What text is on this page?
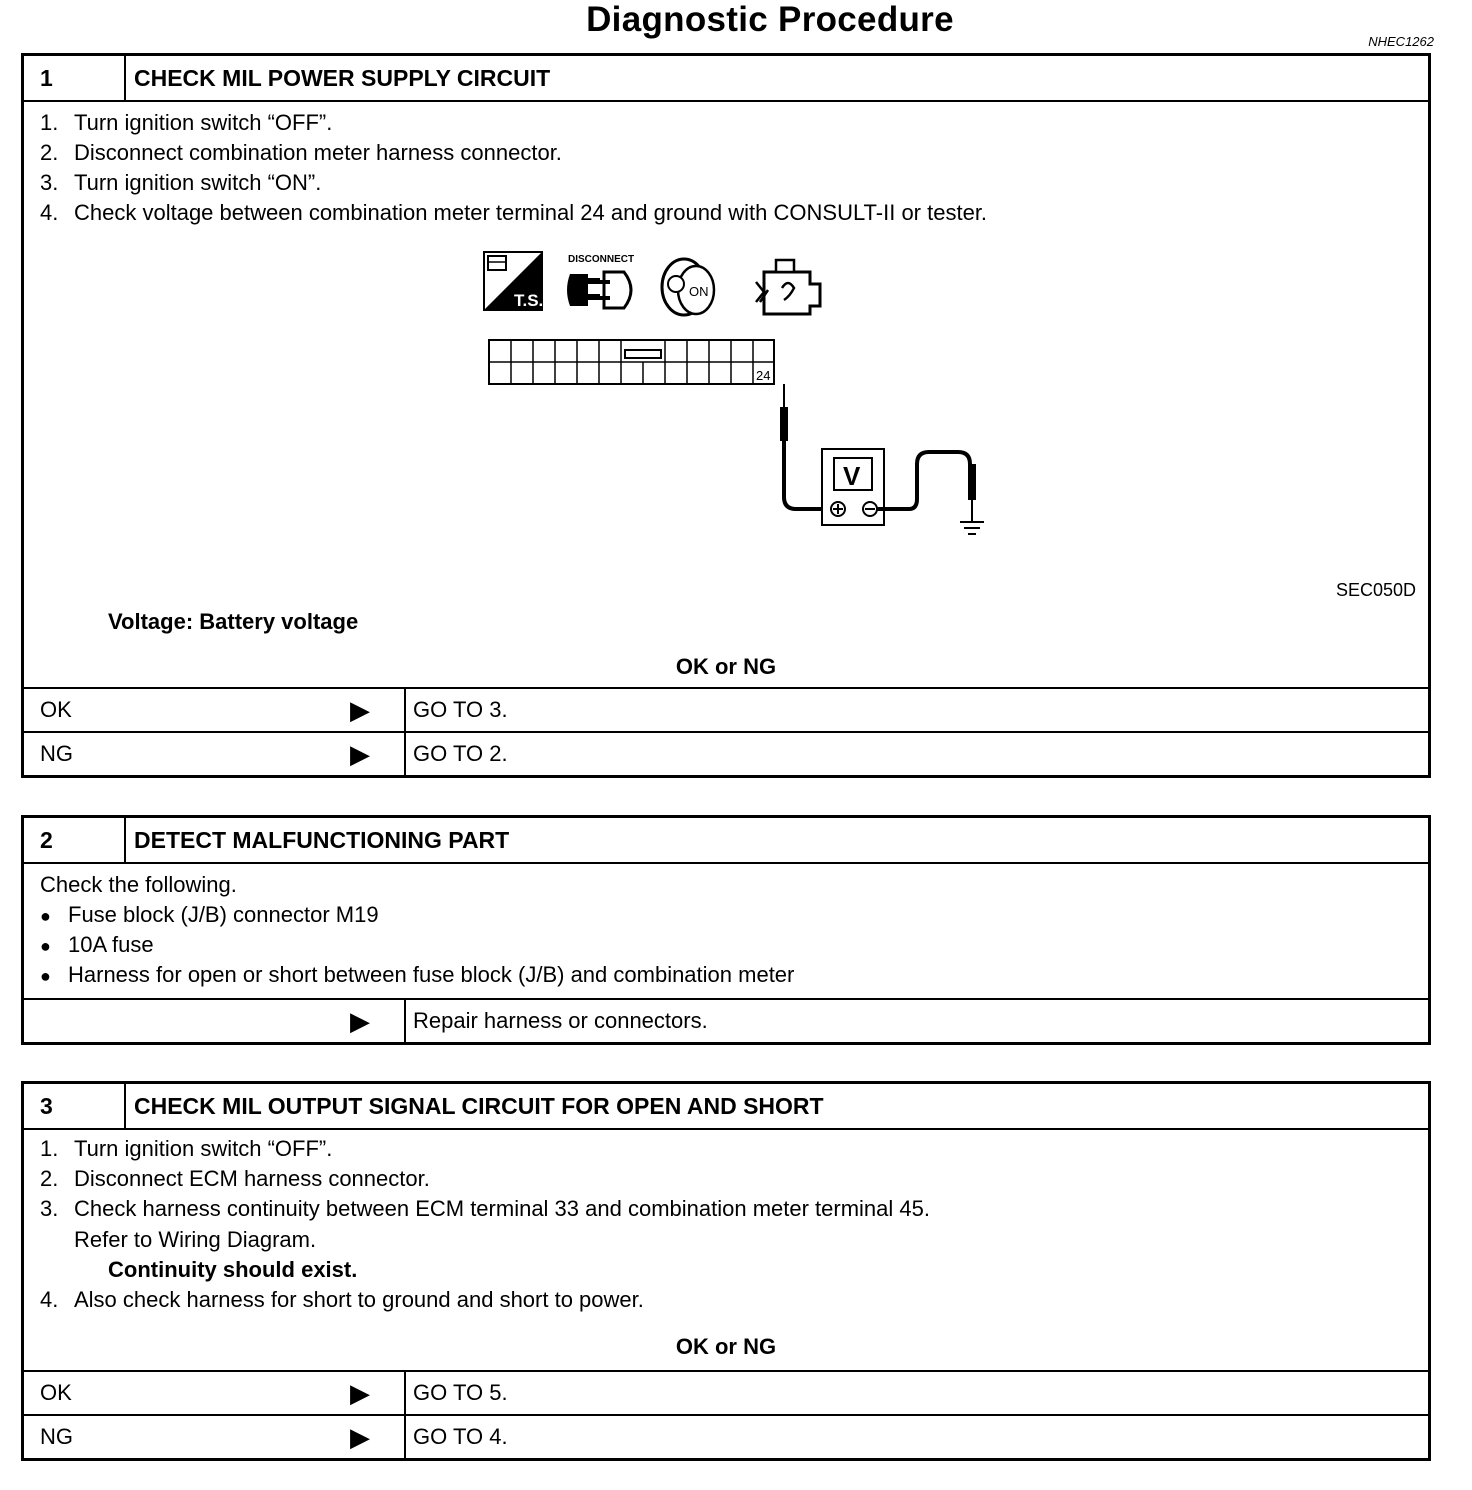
Diagnostic Procedure
NHEC1262
1	CHECK MIL POWER SUPPLY CIRCUIT
1. Turn ignition switch “OFF”.
2. Disconnect combination meter harness connector.
3. Turn ignition switch “ON”.
4. Check voltage between combination meter terminal 24 and ground with CONSULT-II or tester.
T.S.
DISCONNECT
ON
24
V
SEC050D
Voltage: Battery voltage
OK or NG
OK	▶	GO TO 3.
NG	▶	GO TO 2.
2	DETECT MALFUNCTIONING PART
Check the following.
● Fuse block (J/B) connector M19
● 10A fuse
● Harness for open or short between fuse block (J/B) and combination meter
▶	Repair harness or connectors.
3	CHECK MIL OUTPUT SIGNAL CIRCUIT FOR OPEN AND SHORT
1. Turn ignition switch “OFF”.
2. Disconnect ECM harness connector.
3. Check harness continuity between ECM terminal 33 and combination meter terminal 45.
Refer to Wiring Diagram.
Continuity should exist.
4. Also check harness for short to ground and short to power.
OK or NG
OK	▶	GO TO 5.
NG	▶	GO TO 4.
